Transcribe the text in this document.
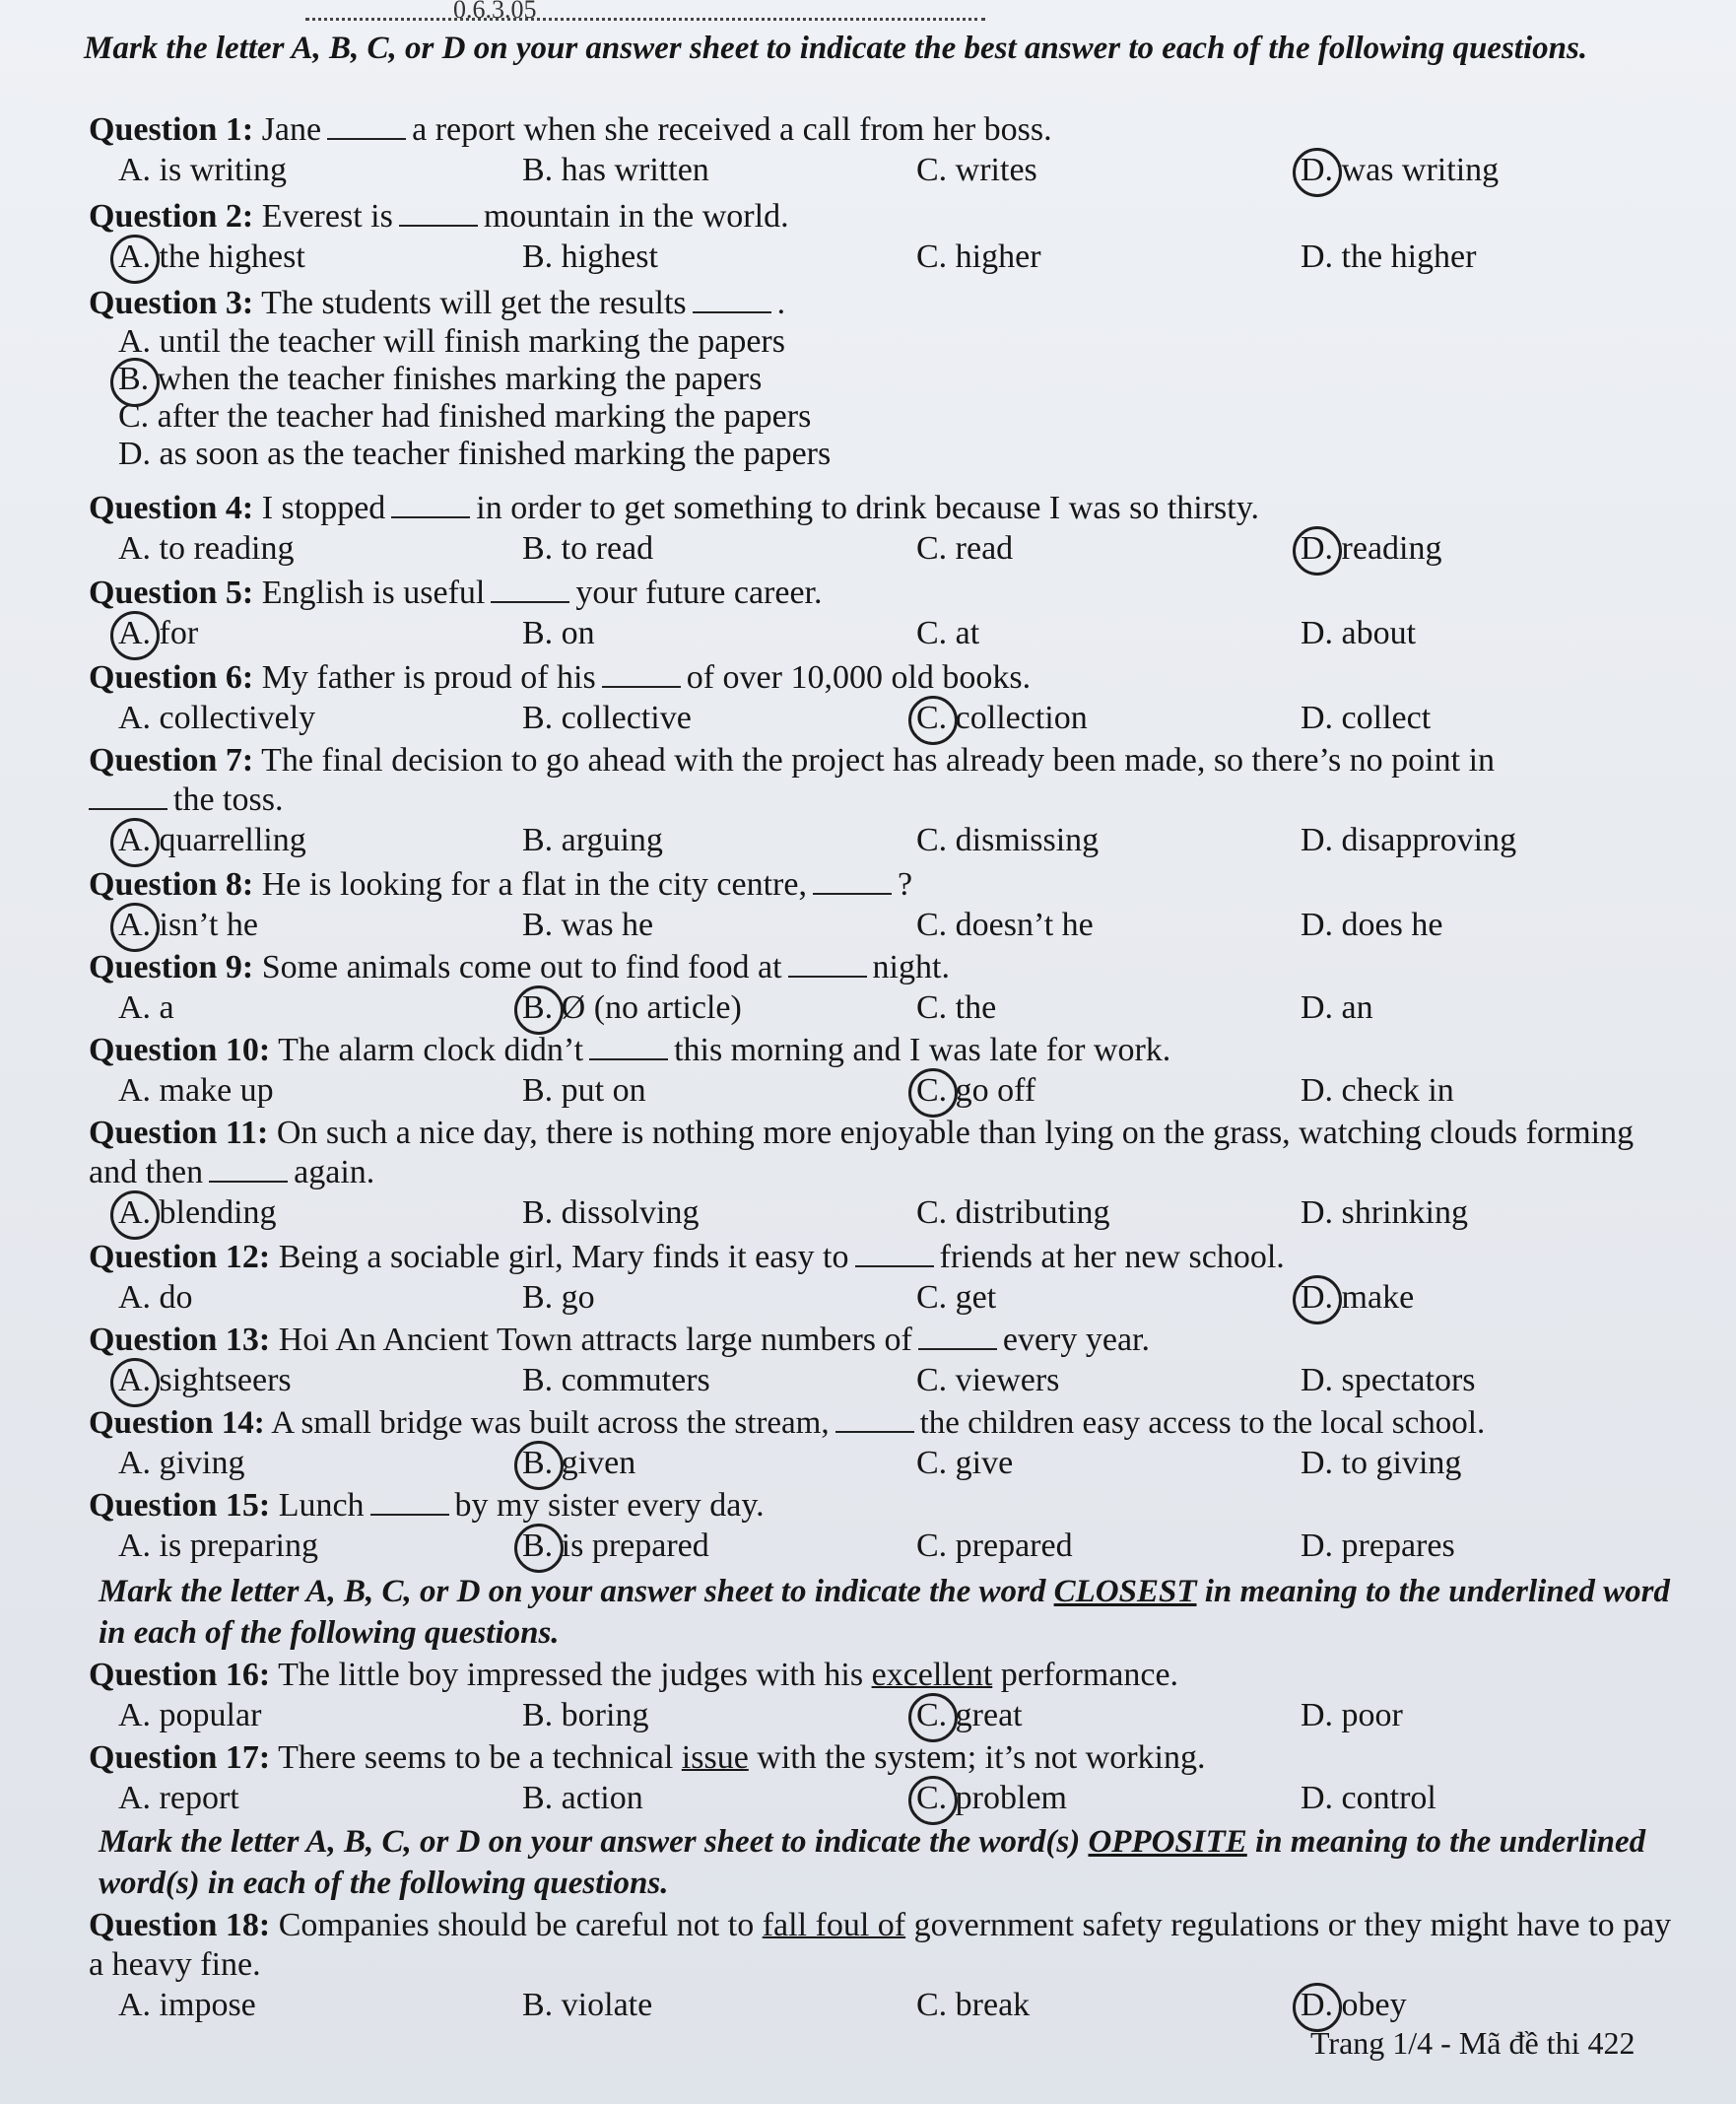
0.6.3.05
Mark the letter A, B, C, or D on your answer sheet to indicate the best answer to each of the following questions.
Question 1: Jane	a report when she received a call from her boss.
A. is writing	B. has written	C. writes	D. was writing
Question 2: Everest is	mountain in the world.
A. the highest	B. highest	C. higher	D. the higher
Question 3: The students will get the results	.
A. until the teacher will finish marking the papers
B. when the teacher finishes marking the papers
C. after the teacher had finished marking the papers
D. as soon as the teacher finished marking the papers
Question 4: I stopped	in order to get something to drink because I was so thirsty.
A. to reading	B. to read	C. read	D. reading
Question 5: English is useful	your future career.
A. for	B. on	C. at	D. about
Question 6: My father is proud of his	of over 10,000 old books.
A. collectively	B. collective	C. collection	D. collect
Question 7: The final decision to go ahead with the project has already been made, so there’s no point in
the toss.
A. quarrelling	B. arguing	C. dismissing	D. disapproving
Question 8: He is looking for a flat in the city centre,	?
A. isn’t he	B. was he	C. doesn’t he	D. does he
Question 9: Some animals come out to find food at	night.
A. a	B. Ø (no article)	C. the	D. an
Question 10: The alarm clock didn’t	this morning and I was late for work.
A. make up	B. put on	C. go off	D. check in
Question 11: On such a nice day, there is nothing more enjoyable than lying on the grass, watching clouds forming and then	again.
A. blending	B. dissolving	C. distributing	D. shrinking
Question 12: Being a sociable girl, Mary finds it easy to	friends at her new school.
A. do	B. go	C. get	D. make
Question 13: Hoi An Ancient Town attracts large numbers of	every year.
A. sightseers	B. commuters	C. viewers	D. spectators
Question 14: A small bridge was built across the stream,	the children easy access to the local school.
A. giving	B. given	C. give	D. to giving
Question 15: Lunch	by my sister every day.
A. is preparing	B. is prepared	C. prepared	D. prepares
Mark the letter A, B, C, or D on your answer sheet to indicate the word CLOSEST in meaning to the underlined word in each of the following questions.
Question 16: The little boy impressed the judges with his excellent performance.
A. popular	B. boring	C. great	D. poor
Question 17: There seems to be a technical issue with the system; it’s not working.
A. report	B. action	C. problem	D. control
Mark the letter A, B, C, or D on your answer sheet to indicate the word(s) OPPOSITE in meaning to the underlined word(s) in each of the following questions.
Question 18: Companies should be careful not to fall foul of government safety regulations or they might have to pay a heavy fine.
A. impose	B. violate	C. break	D. obey
Trang 1/4 - Mã đề thi 422
